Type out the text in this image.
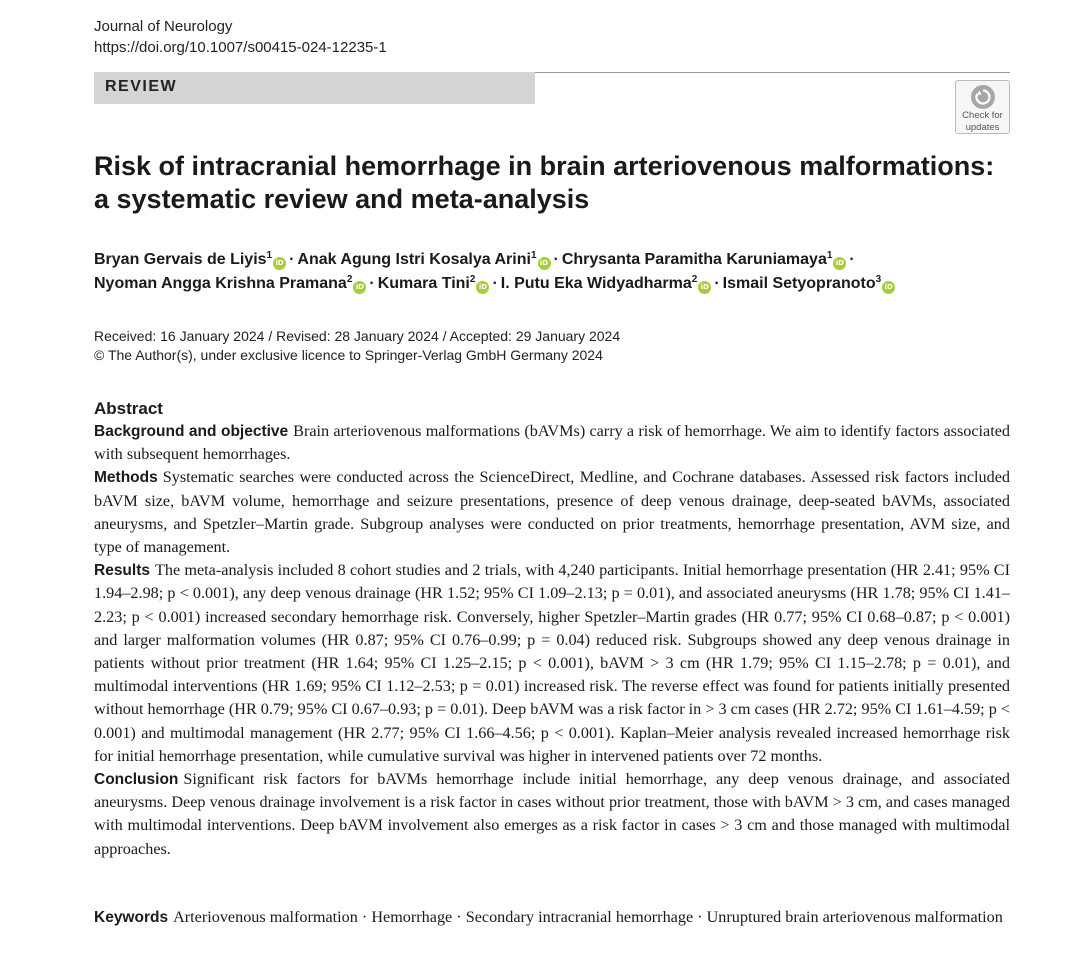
Journal of Neurology
https://doi.org/10.1007/s00415-024-12235-1
REVIEW
Check for
updates
Risk of intracranial hemorrhage in brain arteriovenous malformations:
a systematic review and meta-analysis
Bryan Gervais de Liyis$^1$iD · Anak Agung Istri Kosalya Arini$^1$iD · Chrysanta Paramitha Karuniamaya$^1$iD ·
Nyoman Angga Krishna Pramana$^2$iD · Kumara Tini$^2$iD · I. Putu Eka Widyadharma$^2$iD · Ismail Setyopranoto$^3$iD
Received: 16 January 2024 / Revised: 28 January 2024 / Accepted: 29 January 2024
© The Author(s), under exclusive licence to Springer-Verlag GmbH Germany 2024
Abstract

Background and objective Brain arteriovenous malformations (bAVMs) carry a risk of hemorrhage. We aim to identify factors associated with subsequent hemorrhages.

Methods Systematic searches were conducted across the ScienceDirect, Medline, and Cochrane databases. Assessed risk factors included bAVM size, bAVM volume, hemorrhage and seizure presentations, presence of deep venous drainage, deep-seated bAVMs, associated aneurysms, and Spetzler–Martin grade. Subgroup analyses were conducted on prior treatments, hemorrhage presentation, AVM size, and type of management.

Results The meta-analysis included 8 cohort studies and 2 trials, with 4,240 participants. Initial hemorrhage presentation (HR 2.41; 95% CI 1.94–2.98; p < 0.001), any deep venous drainage (HR 1.52; 95% CI 1.09–2.13; p = 0.01), and associated aneurysms (HR 1.78; 95% CI 1.41–2.23; p < 0.001) increased secondary hemorrhage risk. Conversely, higher Spetzler–Martin grades (HR 0.77; 95% CI 0.68–0.87; p < 0.001) and larger malformation volumes (HR 0.87; 95% CI 0.76–0.99; p = 0.04) reduced risk. Subgroups showed any deep venous drainage in patients without prior treatment (HR 1.64; 95% CI 1.25–2.15; p < 0.001), bAVM > 3 cm (HR 1.79; 95% CI 1.15–2.78; p = 0.01), and multimodal interventions (HR 1.69; 95% CI 1.12–2.53; p = 0.01) increased risk. The reverse effect was found for patients initially presented without hemorrhage (HR 0.79; 95% CI 0.67–0.93; p = 0.01). Deep bAVM was a risk factor in > 3 cm cases (HR 2.72; 95% CI 1.61–4.59; p < 0.001) and multimodal management (HR 2.77; 95% CI 1.66–4.56; p < 0.001). Kaplan–Meier analysis revealed increased hemorrhage risk for initial hemorrhage presentation, while cumulative survival was higher in intervened patients over 72 months.

Conclusion Significant risk factors for bAVMs hemorrhage include initial hemorrhage, any deep venous drainage, and associated aneurysms. Deep venous drainage involvement is a risk factor in cases without prior treatment, those with bAVM > 3 cm, and cases managed with multimodal interventions. Deep bAVM involvement also emerges as a risk factor in cases > 3 cm and those managed with multimodal approaches.

Keywords Arteriovenous malformation · Hemorrhage · Secondary intracranial hemorrhage · Unruptured brain arteriovenous malformation
